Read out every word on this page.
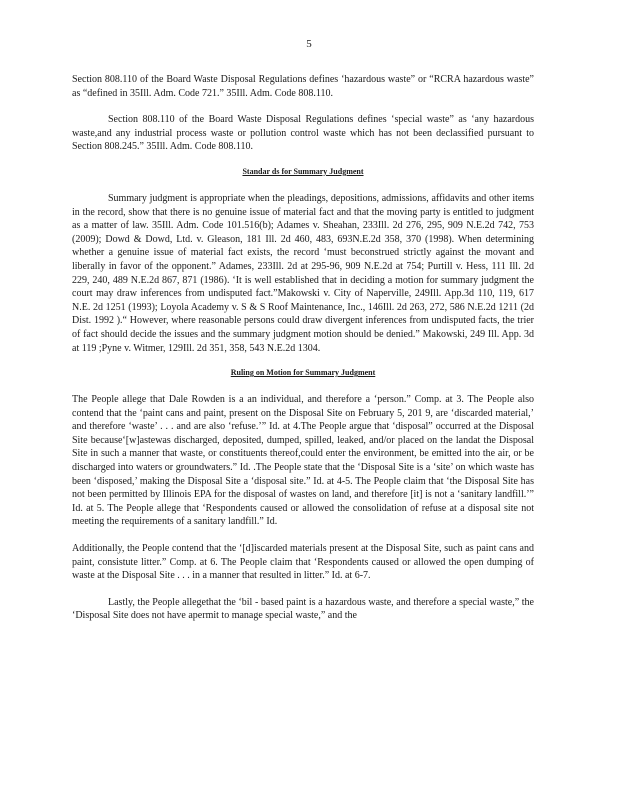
5

Section 808.110 of the Board Waste Disposal Regulations defines ‘hazardous waste” or “RCRA hazardous waste” as “defined in 35Ill. Adm. Code 721.” 35Ill. Adm. Code 808.110.

Section 808.110 of the Board Waste Disposal Regulations defines ‘special waste” as ‘any hazardous waste,and any industrial process waste or pollution control waste which has not been declassified pursuant to Section 808.245.” 35Ill. Adm. Code 808.110.

Standar ds for Summary Judgment

Summary judgment is appropriate when the pleadings, depositions, admissions, affidavits and other items in the record, show that there is no genuine issue of material fact and that the moving party is entitled to judgment as a matter of law. 35Ill. Adm. Code 101.516(b); Adames v. Sheahan, 233Ill. 2d 276, 295, 909 N.E.2d 742, 753 (2009); Dowd & Dowd, Ltd. v. Gleason, 181 Ill. 2d 460, 483, 693N.E.2d 358, 370 (1998). When determining whether a genuine issue of material fact exists, the record ‘must beconstrued strictly against the movant and liberally in favor of the opponent.” Adames, 233Ill. 2d at 295-96, 909 N.E.2d at 754; Purtill v. Hess, 111 Ill. 2d 229, 240, 489 N.E.2d 867, 871 (1986). ‘It is well established that in deciding a motion for summary judgment the court may draw inferences from undisputed fact.”Makowski v. City of Naperville, 249Ill. App.3d 110, 119, 617 N.E. 2d 1251 (1993); Loyola Academy v. S & S Roof Maintenance, Inc., 146Ill. 2d 263, 272, 586 N.E.2d 1211 (2d Dist. 1992 ).“ However, where reasonable persons could draw divergent inferences from undisputed facts, the trier of fact should decide the issues and the summary judgment motion should be denied.” Makowski, 249 Ill. App. 3d at 119 ;Pyne v. Witmer, 129Ill. 2d 351, 358, 543 N.E.2d 1304.

Ruling on Motion for Summary Judgment

The People allege that Dale Rowden is a an individual, and therefore a ‘person.” Comp. at 3. The People also contend that the ‘paint cans and paint, present on the Disposal Site on February 5, 201 9, are ‘discarded material,’ and therefore ‘waste’ . . . and are also ‘refuse.’” Id. at 4.The People argue that ‘disposal” occurred at the Disposal Site because‘[w]astewas discharged, deposited, dumped, spilled, leaked, and/or placed on the landat the Disposal Site in such a manner that waste, or constituents thereof,could enter the environment, be emitted into the air, or be discharged into waters or groundwaters.” Id. .The People state that the ‘Disposal Site is a ‘site’ on which waste has been ‘disposed,’ making the Disposal Site a ‘disposal site.” Id. at 4-5. The People claim that ‘the Disposal Site has not been permitted by Illinois EPA for the disposal of wastes on land, and therefore [it] is not a ‘sanitary landfill.’” Id. at 5. The People allege that ‘Respondents caused or allowed the consolidation of refuse at a disposal site not meeting the requirements of a sanitary landfill.” Id.

Additionally, the People contend that the ‘[d]iscarded materials present at the Disposal Site, such as paint cans and paint, consistute litter.” Comp. at 6. The People claim that ‘Respondents caused or allowed the open dumping of waste at the Disposal Site . . . in a manner that resulted in litter.” Id. at 6-7.

Lastly, the People allegethat the ‘bil - based paint is a hazardous waste, and therefore a special waste,” the ‘Disposal Site does not have apermit to manage special waste,” and the
